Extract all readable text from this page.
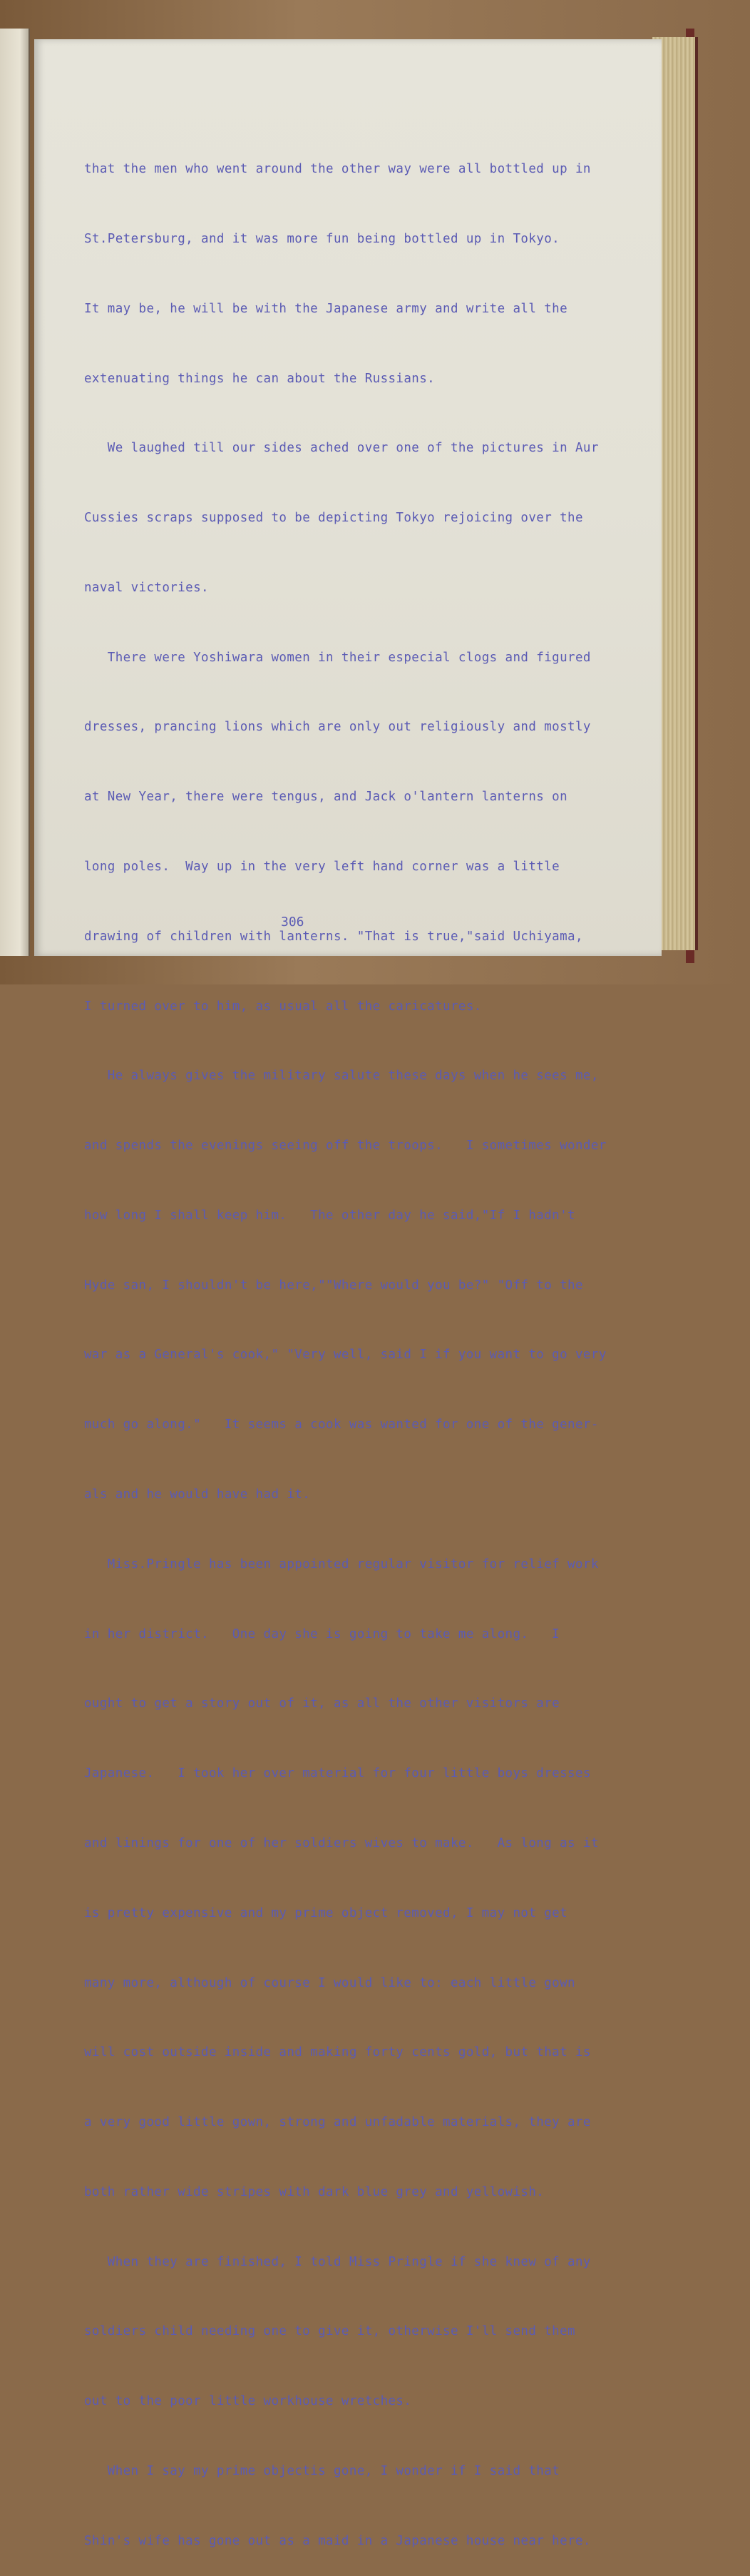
that the men who went around the other way were all bottled up in

St.Petersburg, and it was more fun being bottled up in Tokyo.

It may be, he will be with the Japanese army and write all the

extenuating things he can about the Russians.

We laughed till our sides ached over one of the pictures in Aur

Cussies scraps supposed to be depicting Tokyo rejoicing over the

naval victories.

There were Yoshiwara women in their especial clogs and figured

dresses, prancing lions which are only out religiously and mostly

at New Year, there were tengus, and Jack o'lantern lanterns on

long poles.  Way up in the very left hand corner was a little

drawing of children with lanterns. "That is true,"said Uchiyama,

I turned over to him, as usual all the caricatures.

He always gives the military salute these days when he sees me,

and spends the evenings seeing off the troops.   I sometimes wonder

how long I shall keep him.   The other day he said,"If I hadn't

Hyde san, I shouldn't be here,""Where would you be?" "Off to the

war as a General's cook," "Very well, said I if you want to go very

much go along."   It seems a cook was wanted for one of the gener-

als and he would have had it.

Miss.Pringle has been appointed regular visitor for relief work

in her district.   One day she is going to take me along.   I

ought to get a story out of it, as all the other visitors are

Japanese.   I took her over material for four little boys dresses

and linings for one of her soldiers wives to make.   As long as it

is pretty expensive and my prime object removed, I may not get

many more, although of course I would like to: each little gown

will cost outside inside and making forty cents gold, but that is

a very good little gown, strong and unfadable materials, they are

both rather wide stripes with dark blue grey and yellowish.

When they are finished, I told Miss Pringle if she knew of any

soldiers child needing one to give it, otherwise I'll send them

out to the poor little workhouse wretches.

When I say my prime objectis gone, I wonder if I said that

Shin's wife has gone out as a maid in a Japanese house near here.

306
